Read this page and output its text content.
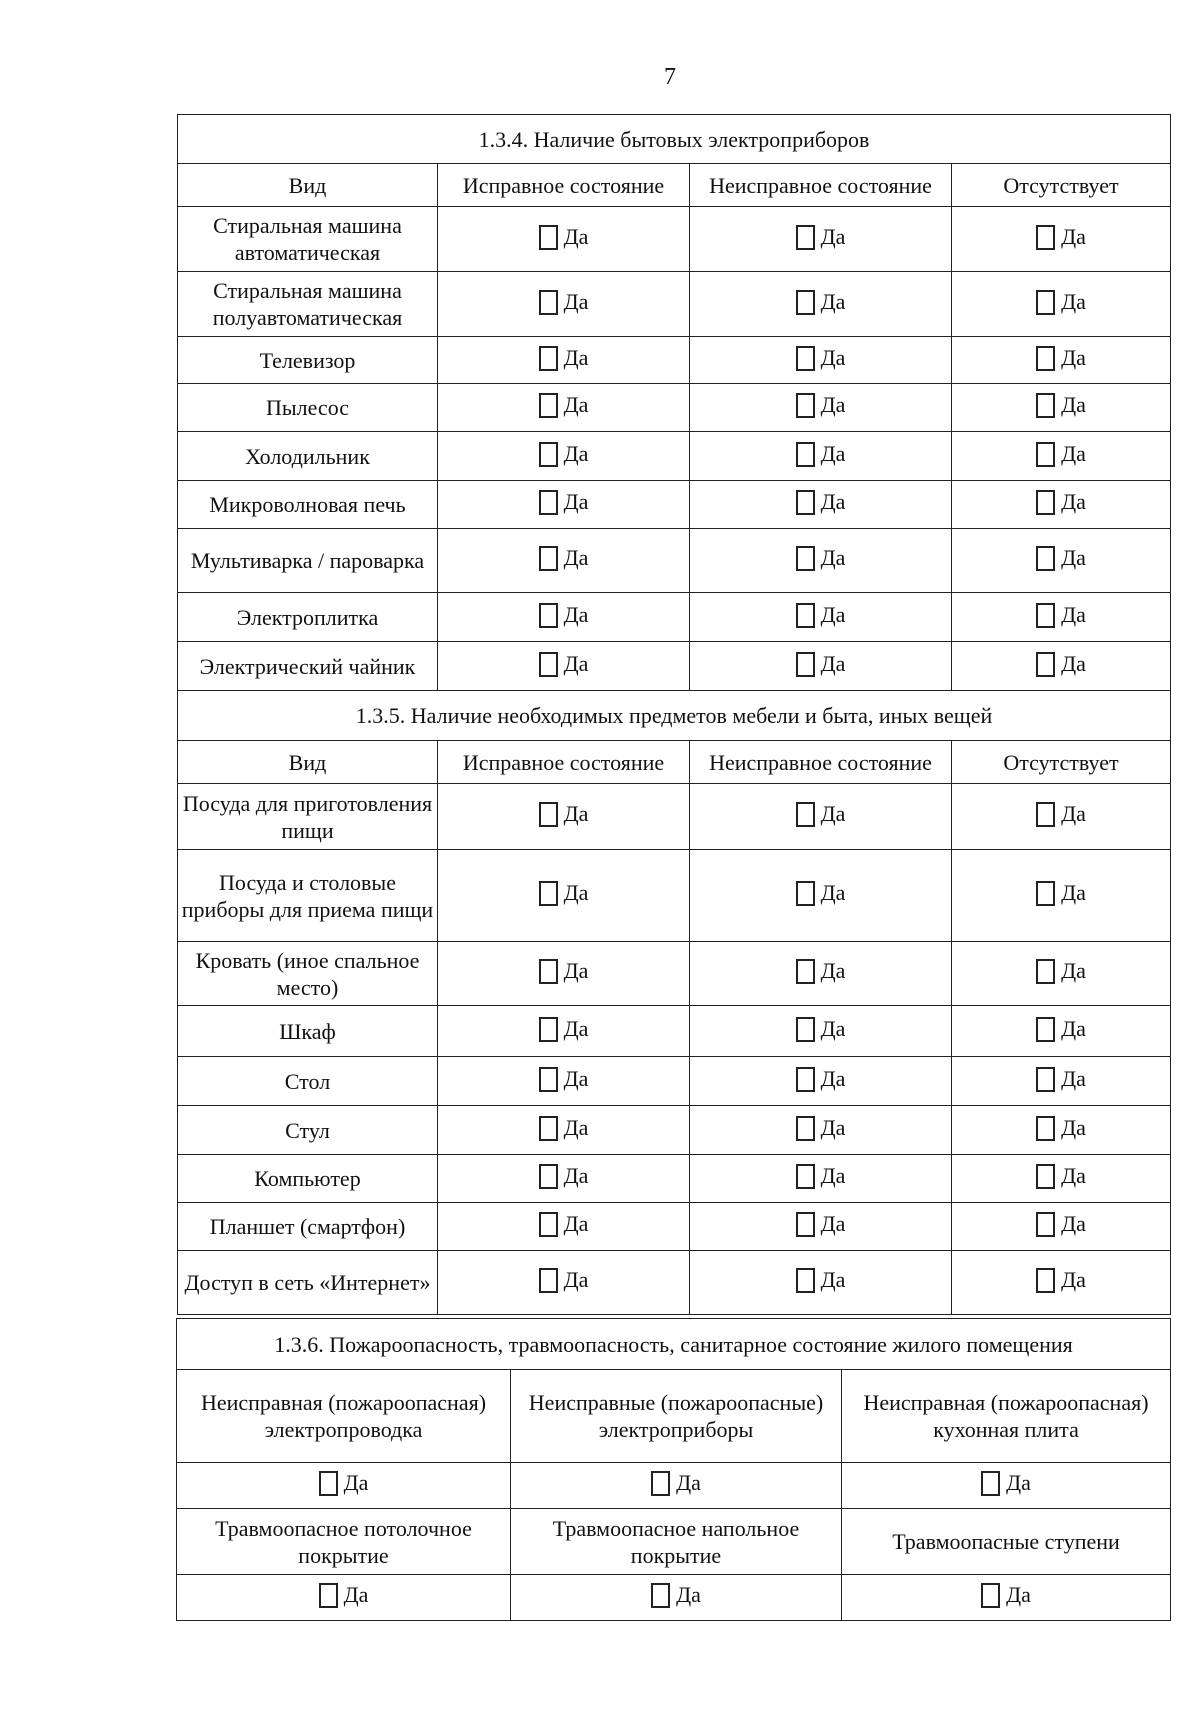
7
1.3.4. Наличие бытовых электроприборов			
Вид	Исправное состояние	Неисправное состояние	Отсутствует
Стиральная машина автоматическая	Да	Да	Да

Стиральная машина полуавтоматическая	Да	Да	Да

Телевизор	Да	Да	Да

Пылесос	Да	Да	Да

Холодильник	Да	Да	Да

Микроволновая печь	Да	Да	Да

Мультиварка / пароварка	Да	Да	Да

Электроплитка	Да	Да	Да

Электрический чайник	Да	Да	Да

1.3.5. Наличие необходимых предметов мебели и быта, иных вещей			
Вид	Исправное состояние	Неисправное состояние	Отсутствует
Посуда для приготовления пищи	Да	Да	Да

Посуда и столовые приборы для приема пищи	Да	Да	Да

Кровать (иное спальное место)	Да	Да	Да

Шкаф	Да	Да	Да

Стол	Да	Да	Да

Стул	Да	Да	Да

Компьютер	Да	Да	Да

Планшет (смартфон)	Да	Да	Да

Доступ в сеть «Интернет»	Да	Да	Да
1.3.6. Пожароопасность, травмоопасность, санитарное состояние жилого помещения		
Неисправная (пожароопасная) электропроводка	Неисправные (пожароопасные) электроприборы	Неисправная (пожароопасная) кухонная плита

Да	Да	Да

Травмоопасное потолочное покрытие	Травмоопасное напольное покрытие	Травмоопасные ступени

Да	Да	Да
